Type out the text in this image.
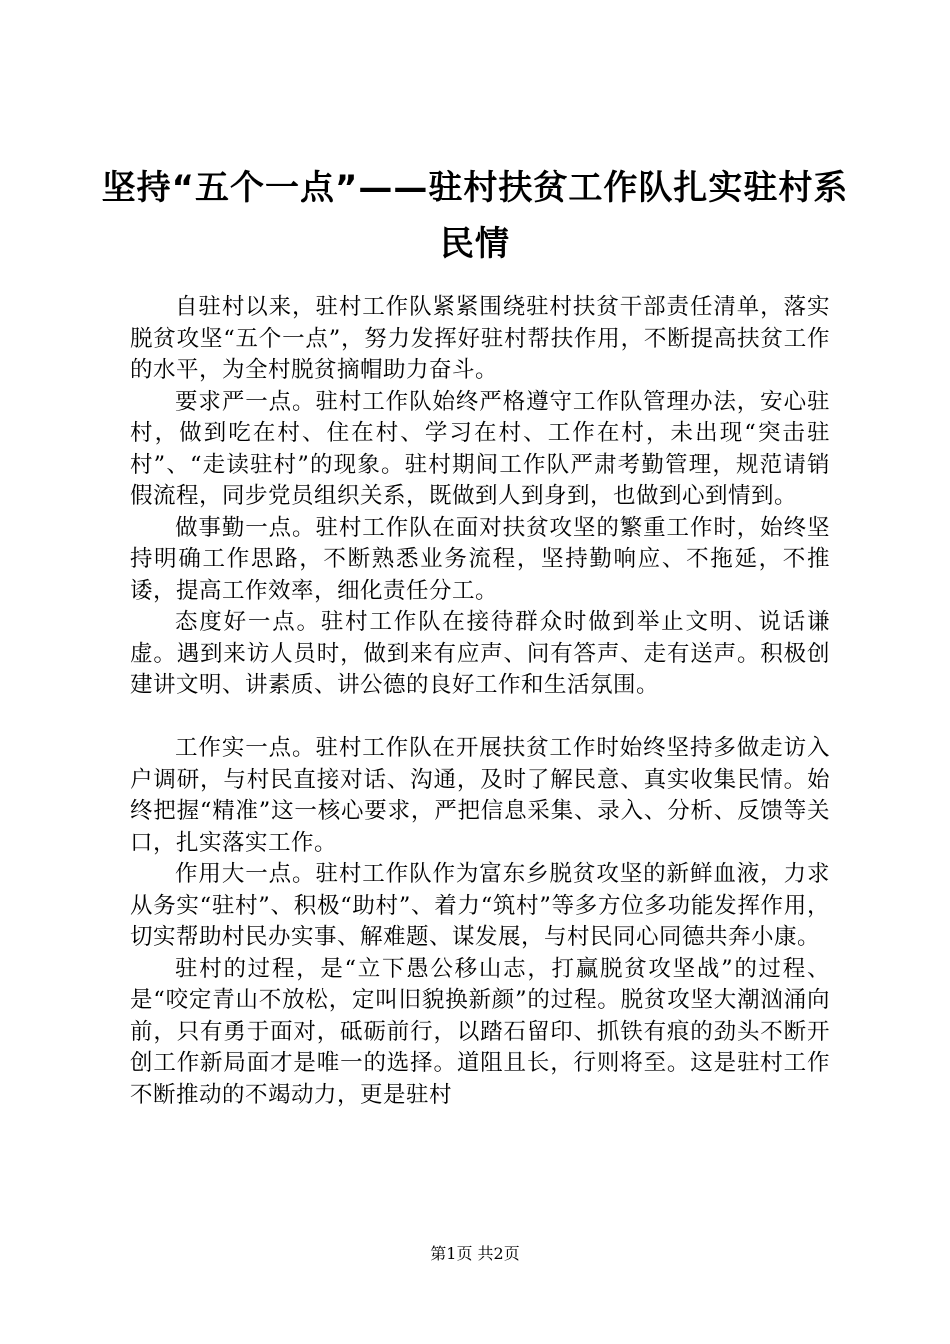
坚持“五个一点”——驻村扶贫工作队扎实驻村系民情

自驻村以来，驻村工作队紧紧围绕驻村扶贫干部责任清单，落实脱贫攻坚“五个一点”，努力发挥好驻村帮扶作用，不断提高扶贫工作的水平，为全村脱贫摘帽助力奋斗。

要求严一点。驻村工作队始终严格遵守工作队管理办法，安心驻村，做到吃在村、住在村、学习在村、工作在村，未出现“突击驻村”、“走读驻村”的现象。驻村期间工作队严肃考勤管理，规范请销假流程，同步党员组织关系，既做到人到身到，也做到心到情到。

做事勤一点。驻村工作队在面对扶贫攻坚的繁重工作时，始终坚持明确工作思路，不断熟悉业务流程，坚持勤响应、不拖延，不推诿，提高工作效率，细化责任分工。

态度好一点。驻村工作队在接待群众时做到举止文明、说话谦虚。遇到来访人员时，做到来有应声、问有答声、走有送声。积极创建讲文明、讲素质、讲公德的良好工作和生活氛围。

工作实一点。驻村工作队在开展扶贫工作时始终坚持多做走访入户调研，与村民直接对话、沟通，及时了解民意、真实收集民情。始终把握“精准”这一核心要求，严把信息采集、录入、分析、反馈等关口，扎实落实工作。

作用大一点。驻村工作队作为富东乡脱贫攻坚的新鲜血液，力求从务实“驻村”、积极“助村”、着力“筑村”等多方位多功能发挥作用，切实帮助村民办实事、解难题、谋发展，与村民同心同德共奔小康。

驻村的过程，是“立下愚公移山志，打赢脱贫攻坚战”的过程、是“咬定青山不放松，定叫旧貌换新颜”的过程。脱贫攻坚大潮汹涌向前，只有勇于面对，砥砺前行，以踏石留印、抓铁有痕的劲头不断开创工作新局面才是唯一的选择。道阻且长，行则将至。这是驻村工作不断推动的不竭动力，更是驻村

第1页 共2页
